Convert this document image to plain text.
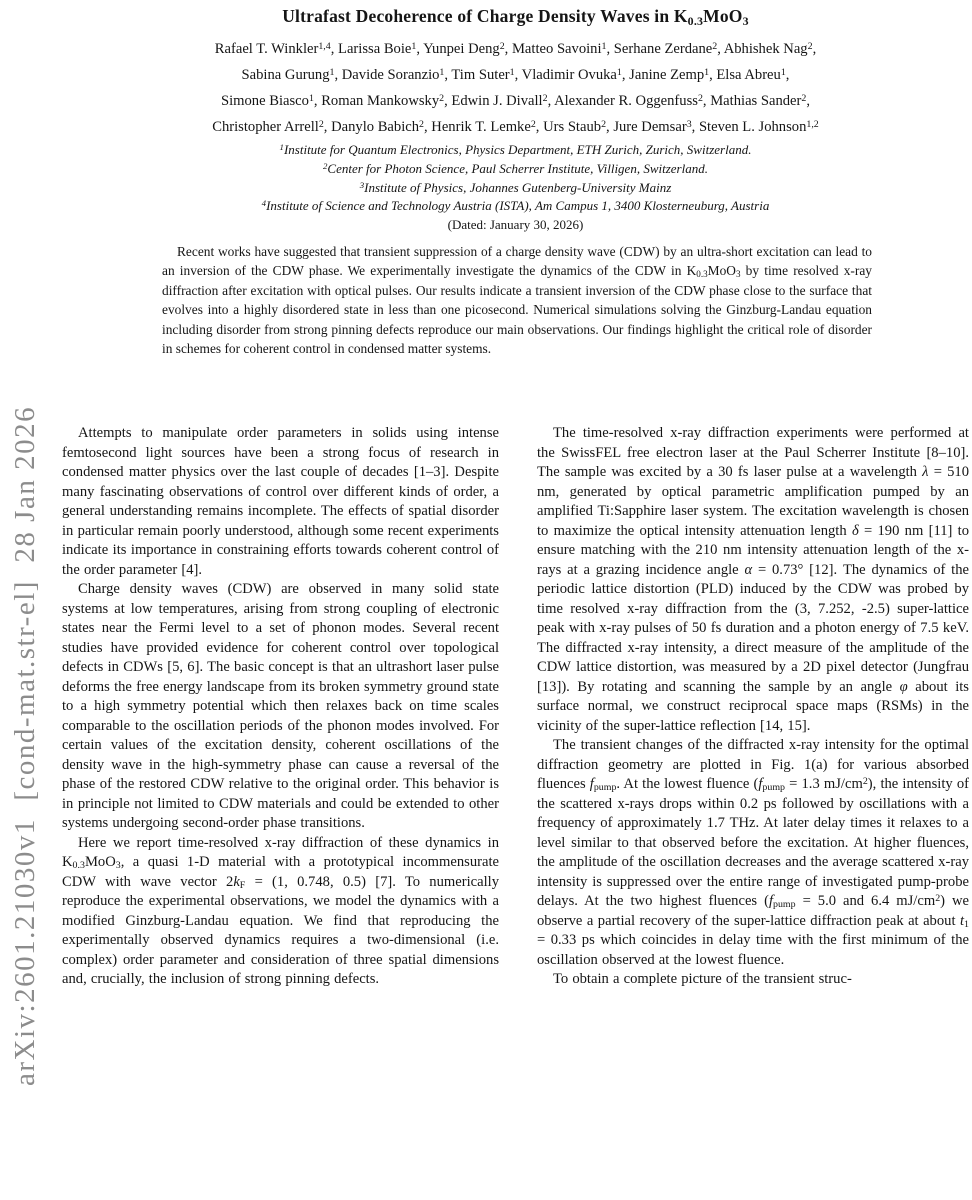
arXiv:2601.21030v1  [cond-mat.str-el]  28 Jan 2026
Ultrafast Decoherence of Charge Density Waves in $K_{0.3}MoO_3$
Rafael T. Winkler$^{1,4}$, Larissa Boie$^1$, Yunpei Deng$^2$, Matteo Savoini$^1$, Serhane Zerdane$^2$, Abhishek Nag$^2$,
Sabina Gurung$^1$, Davide Soranzio$^1$, Tim Suter$^1$, Vladimir Ovuka$^1$, Janine Zemp$^1$, Elsa Abreu$^1$,
Simone Biasco$^1$, Roman Mankowsky$^2$, Edwin J. Divall$^2$, Alexander R. Oggenfuss$^2$, Mathias Sander$^2$,
Christopher Arrell$^2$, Danylo Babich$^2$, Henrik T. Lemke$^2$, Urs Staub$^2$, Jure Demsar$^3$, Steven L. Johnson$^{1,2}$
$^1$Institute for Quantum Electronics, Physics Department, ETH Zurich, Zurich, Switzerland.
$^2$Center for Photon Science, Paul Scherrer Institute, Villigen, Switzerland.
$^3$Institute of Physics, Johannes Gutenberg-University Mainz
$^4$Institute of Science and Technology Austria (ISTA), Am Campus 1, 3400 Klosterneuburg, Austria
(Dated: January 30, 2026)

Recent works have suggested that transient suppression of a charge density wave (CDW) by an ultra-short excitation can lead to an inversion of the CDW phase. We experimentally investigate the dynamics of the CDW in $K_{0.3}MoO_3$ by time resolved x-ray diffraction after excitation with optical pulses. Our results indicate a transient inversion of the CDW phase close to the surface that evolves into a highly disordered state in less than one picosecond. Numerical simulations solving the Ginzburg-Landau equation including disorder from strong pinning defects reproduce our main observations. Our findings highlight the critical role of disorder in schemes for coherent control in condensed matter systems.

Attempts to manipulate order parameters in solids using intense femtosecond light sources have been a strong focus of research in condensed matter physics over the last couple of decades [1–3]. Despite many fascinating observations of control over different kinds of order, a general understanding remains incomplete. The effects of spatial disorder in particular remain poorly understood, although some recent experiments indicate its importance in constraining efforts towards coherent control of the order parameter [4].

Charge density waves (CDW) are observed in many solid state systems at low temperatures, arising from strong coupling of electronic states near the Fermi level to a set of phonon modes. Several recent studies have provided evidence for coherent control over topological defects in CDWs [5, 6]. The basic concept is that an ultrashort laser pulse deforms the free energy landscape from its broken symmetry ground state to a high symmetry potential which then relaxes back on time scales comparable to the oscillation periods of the phonon modes involved. For certain values of the excitation density, coherent oscillations of the density wave in the high-symmetry phase can cause a reversal of the phase of the restored CDW relative to the original order. This behavior is in principle not limited to CDW materials and could be extended to other systems undergoing second-order phase transitions.

Here we report time-resolved x-ray diffraction of these dynamics in $K_{0.3}MoO_3$, a quasi 1-D material with a prototypical incommensurate CDW with wave vector $2k_F = (1$, 0.748, 0.5) [7]. To numerically reproduce the experimental observations, we model the dynamics with a modified Ginzburg-Landau equation. We find that reproducing the experimentally observed dynamics requires a two-dimensional (i.e. complex) order parameter and consideration of three spatial dimensions and, crucially, the inclusion of strong pinning defects.

The time-resolved x-ray diffraction experiments were performed at the SwissFEL free electron laser at the Paul Scherrer Institute [8–10]. The sample was excited by a 30 fs laser pulse at a wavelength λ = 510 nm, generated by optical parametric amplification pumped by an amplified Ti:Sapphire laser system. The excitation wavelength is chosen to maximize the optical intensity attenuation length δ = 190 nm [11] to ensure matching with the 210 nm intensity attenuation length of the x-rays at a grazing incidence angle α = 0.73° [12]. The dynamics of the periodic lattice distortion (PLD) induced by the CDW was probed by time resolved x-ray diffraction from the (3, 7.252, -2.5) super-lattice peak with x-ray pulses of 50 fs duration and a photon energy of 7.5 keV. The diffracted x-ray intensity, a direct measure of the amplitude of the CDW lattice distortion, was measured by a 2D pixel detector (Jungfrau [13]). By rotating and scanning the sample by an angle φ about its surface normal, we construct reciprocal space maps (RSMs) in the vicinity of the super-lattice reflection [14, 15].

The transient changes of the diffracted x-ray intensity for the optimal diffraction geometry are plotted in Fig. 1(a) for various absorbed fluences $f_{pump}$. At the lowest fluence ($f_{pump} = 1.3$ $mJ/cm^2$), the intensity of the scattered x-rays drops within 0.2 ps followed by oscillations with a frequency of approximately 1.7 THz. At later delay times it relaxes to a level similar to that observed before the excitation. At higher fluences, the amplitude of the oscillation decreases and the average scattered x-ray intensity is suppressed over the entire range of investigated pump-probe delays. At the two highest fluences ($f_{pump} = 5.0$ and 6.4 $mJ/cm^2$) we observe a partial recovery of the super-lattice diffraction peak at about $t_1 = 0.33$ ps which coincides in delay time with the first minimum of the oscillation observed at the lowest fluence.

To obtain a complete picture of the transient struc-
